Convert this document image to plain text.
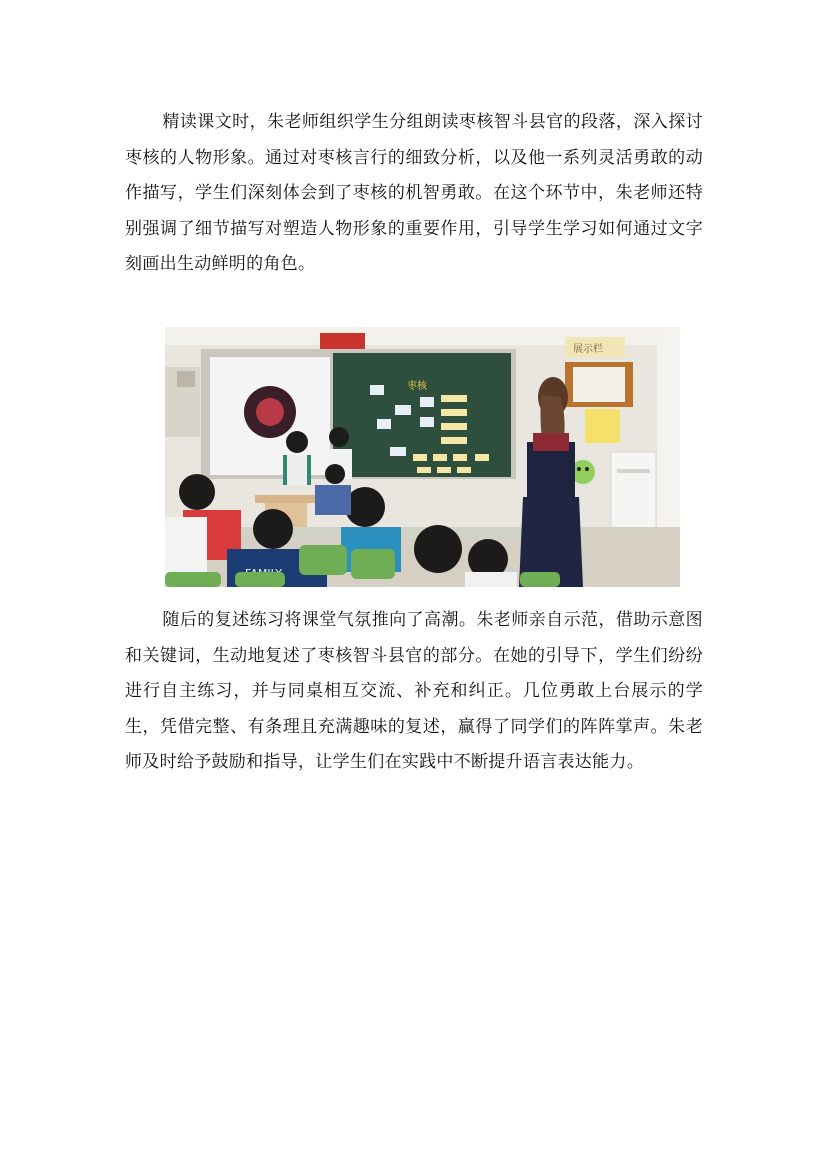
精读课文时，朱老师组织学生分组朗读枣核智斗县官的段落，深入探讨枣核的人物形象。通过对枣核言行的细致分析，以及他一系列灵活勇敢的动作描写，学生们深刻体会到了枣核的机智勇敢。在这个环节中，朱老师还特别强调了细节描写对塑造人物形象的重要作用，引导学生学习如何通过文字刻画出生动鲜明的角色。

枣核
展示栏

随后的复述练习将课堂气氛推向了高潮。朱老师亲自示范，借助示意图和关键词，生动地复述了枣核智斗县官的部分。在她的引导下，学生们纷纷进行自主练习，并与同桌相互交流、补充和纠正。几位勇敢上台展示的学生，凭借完整、有条理且充满趣味的复述，赢得了同学们的阵阵掌声。朱老师及时给予鼓励和指导，让学生们在实践中不断提升语言表达能力。
